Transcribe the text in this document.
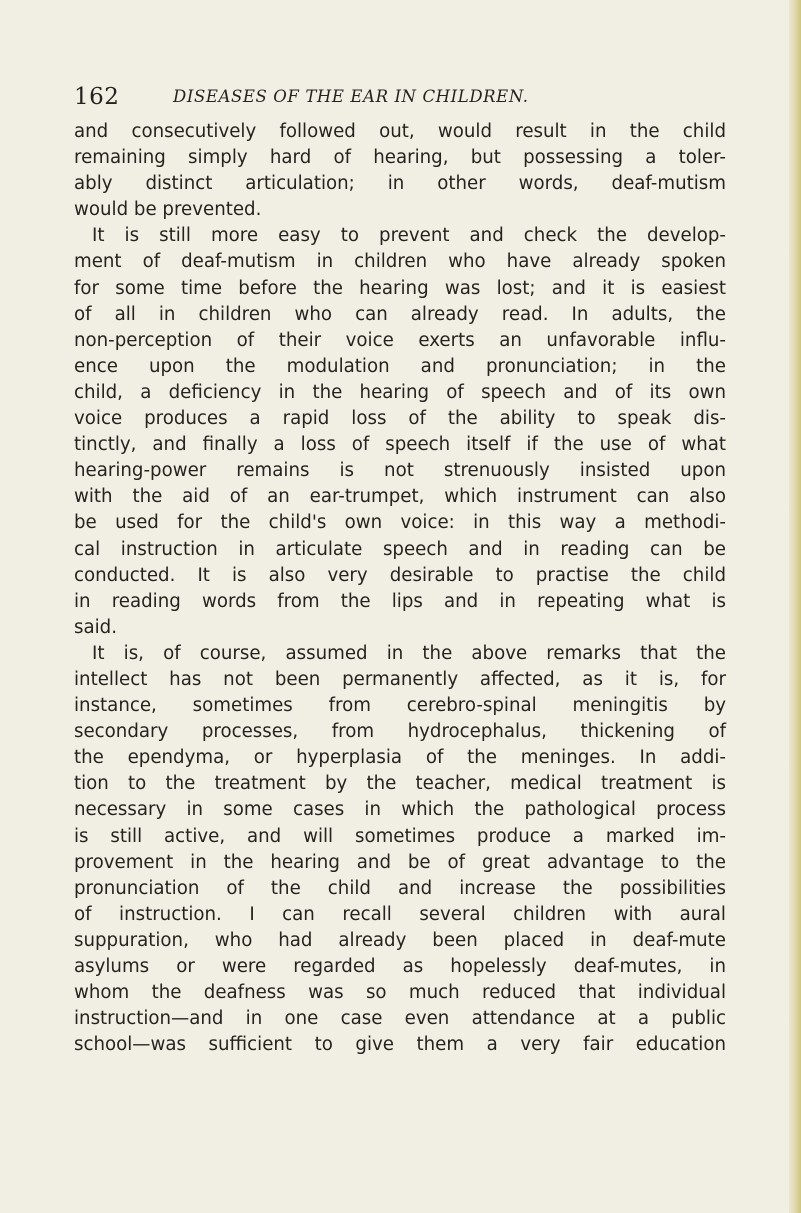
162	DISEASES OF THE EAR IN CHILDREN.
and consecutively followed out, would result in the child
remaining simply hard of hearing, but possessing a toler-
ably distinct articulation; in other words, deaf-mutism
would be prevented.
It is still more easy to prevent and check the develop-
ment of deaf-mutism in children who have already spoken
for some time before the hearing was lost; and it is easiest
of all in children who can already read. In adults, the
non-perception of their voice exerts an unfavorable influ-
ence upon the modulation and pronunciation; in the
child, a deficiency in the hearing of speech and of its own
voice produces a rapid loss of the ability to speak dis-
tinctly, and finally a loss of speech itself if the use of what
hearing-power remains is not strenuously insisted upon
with the aid of an ear-trumpet, which instrument can also
be used for the child's own voice: in this way a methodi-
cal instruction in articulate speech and in reading can be
conducted. It is also very desirable to practise the child
in reading words from the lips and in repeating what is
said.
It is, of course, assumed in the above remarks that the
intellect has not been permanently affected, as it is, for
instance, sometimes from cerebro-spinal meningitis by
secondary processes, from hydrocephalus, thickening of
the ependyma, or hyperplasia of the meninges. In addi-
tion to the treatment by the teacher, medical treatment is
necessary in some cases in which the pathological process
is still active, and will sometimes produce a marked im-
provement in the hearing and be of great advantage to the
pronunciation of the child and increase the possibilities
of instruction. I can recall several children with aural
suppuration, who had already been placed in deaf-mute
asylums or were regarded as hopelessly deaf-mutes, in
whom the deafness was so much reduced that individual
instruction—and in one case even attendance at a public
school—was sufficient to give them a very fair education
